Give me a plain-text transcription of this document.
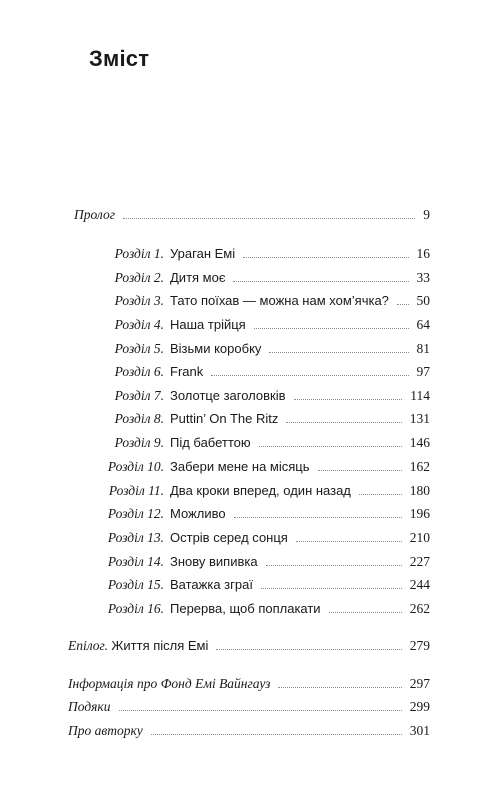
Зміст
Пролог	9
Розділ 1. Ураган Емі	16
Розділ 2. Дитя моє	33
Розділ 3. Тато поїхав — можна нам хом’ячка? 50
Розділ 4. Наша трійця	64
Розділ 5. Візьми коробку	81
Розділ 6. Frank	97
Розділ 7. Золотце заголовків	114
Розділ 8. Puttin’ On The Ritz	131
Розділ 9. Під бабеттою	146
Розділ 10. Забери мене на місяць	162
Розділ 11. Два кроки вперед, один назад	180
Розділ 12. Можливо	196
Розділ 13. Острів серед сонця	210
Розділ 14. Знову випивка	227
Розділ 15. Ватажка зграї	244
Розділ 16. Перерва, щоб поплакати	262
Епілог. Життя після Емі	279
Інформація про Фонд Емі Вайнгауз	297
Подяки	299
Про авторку	301
